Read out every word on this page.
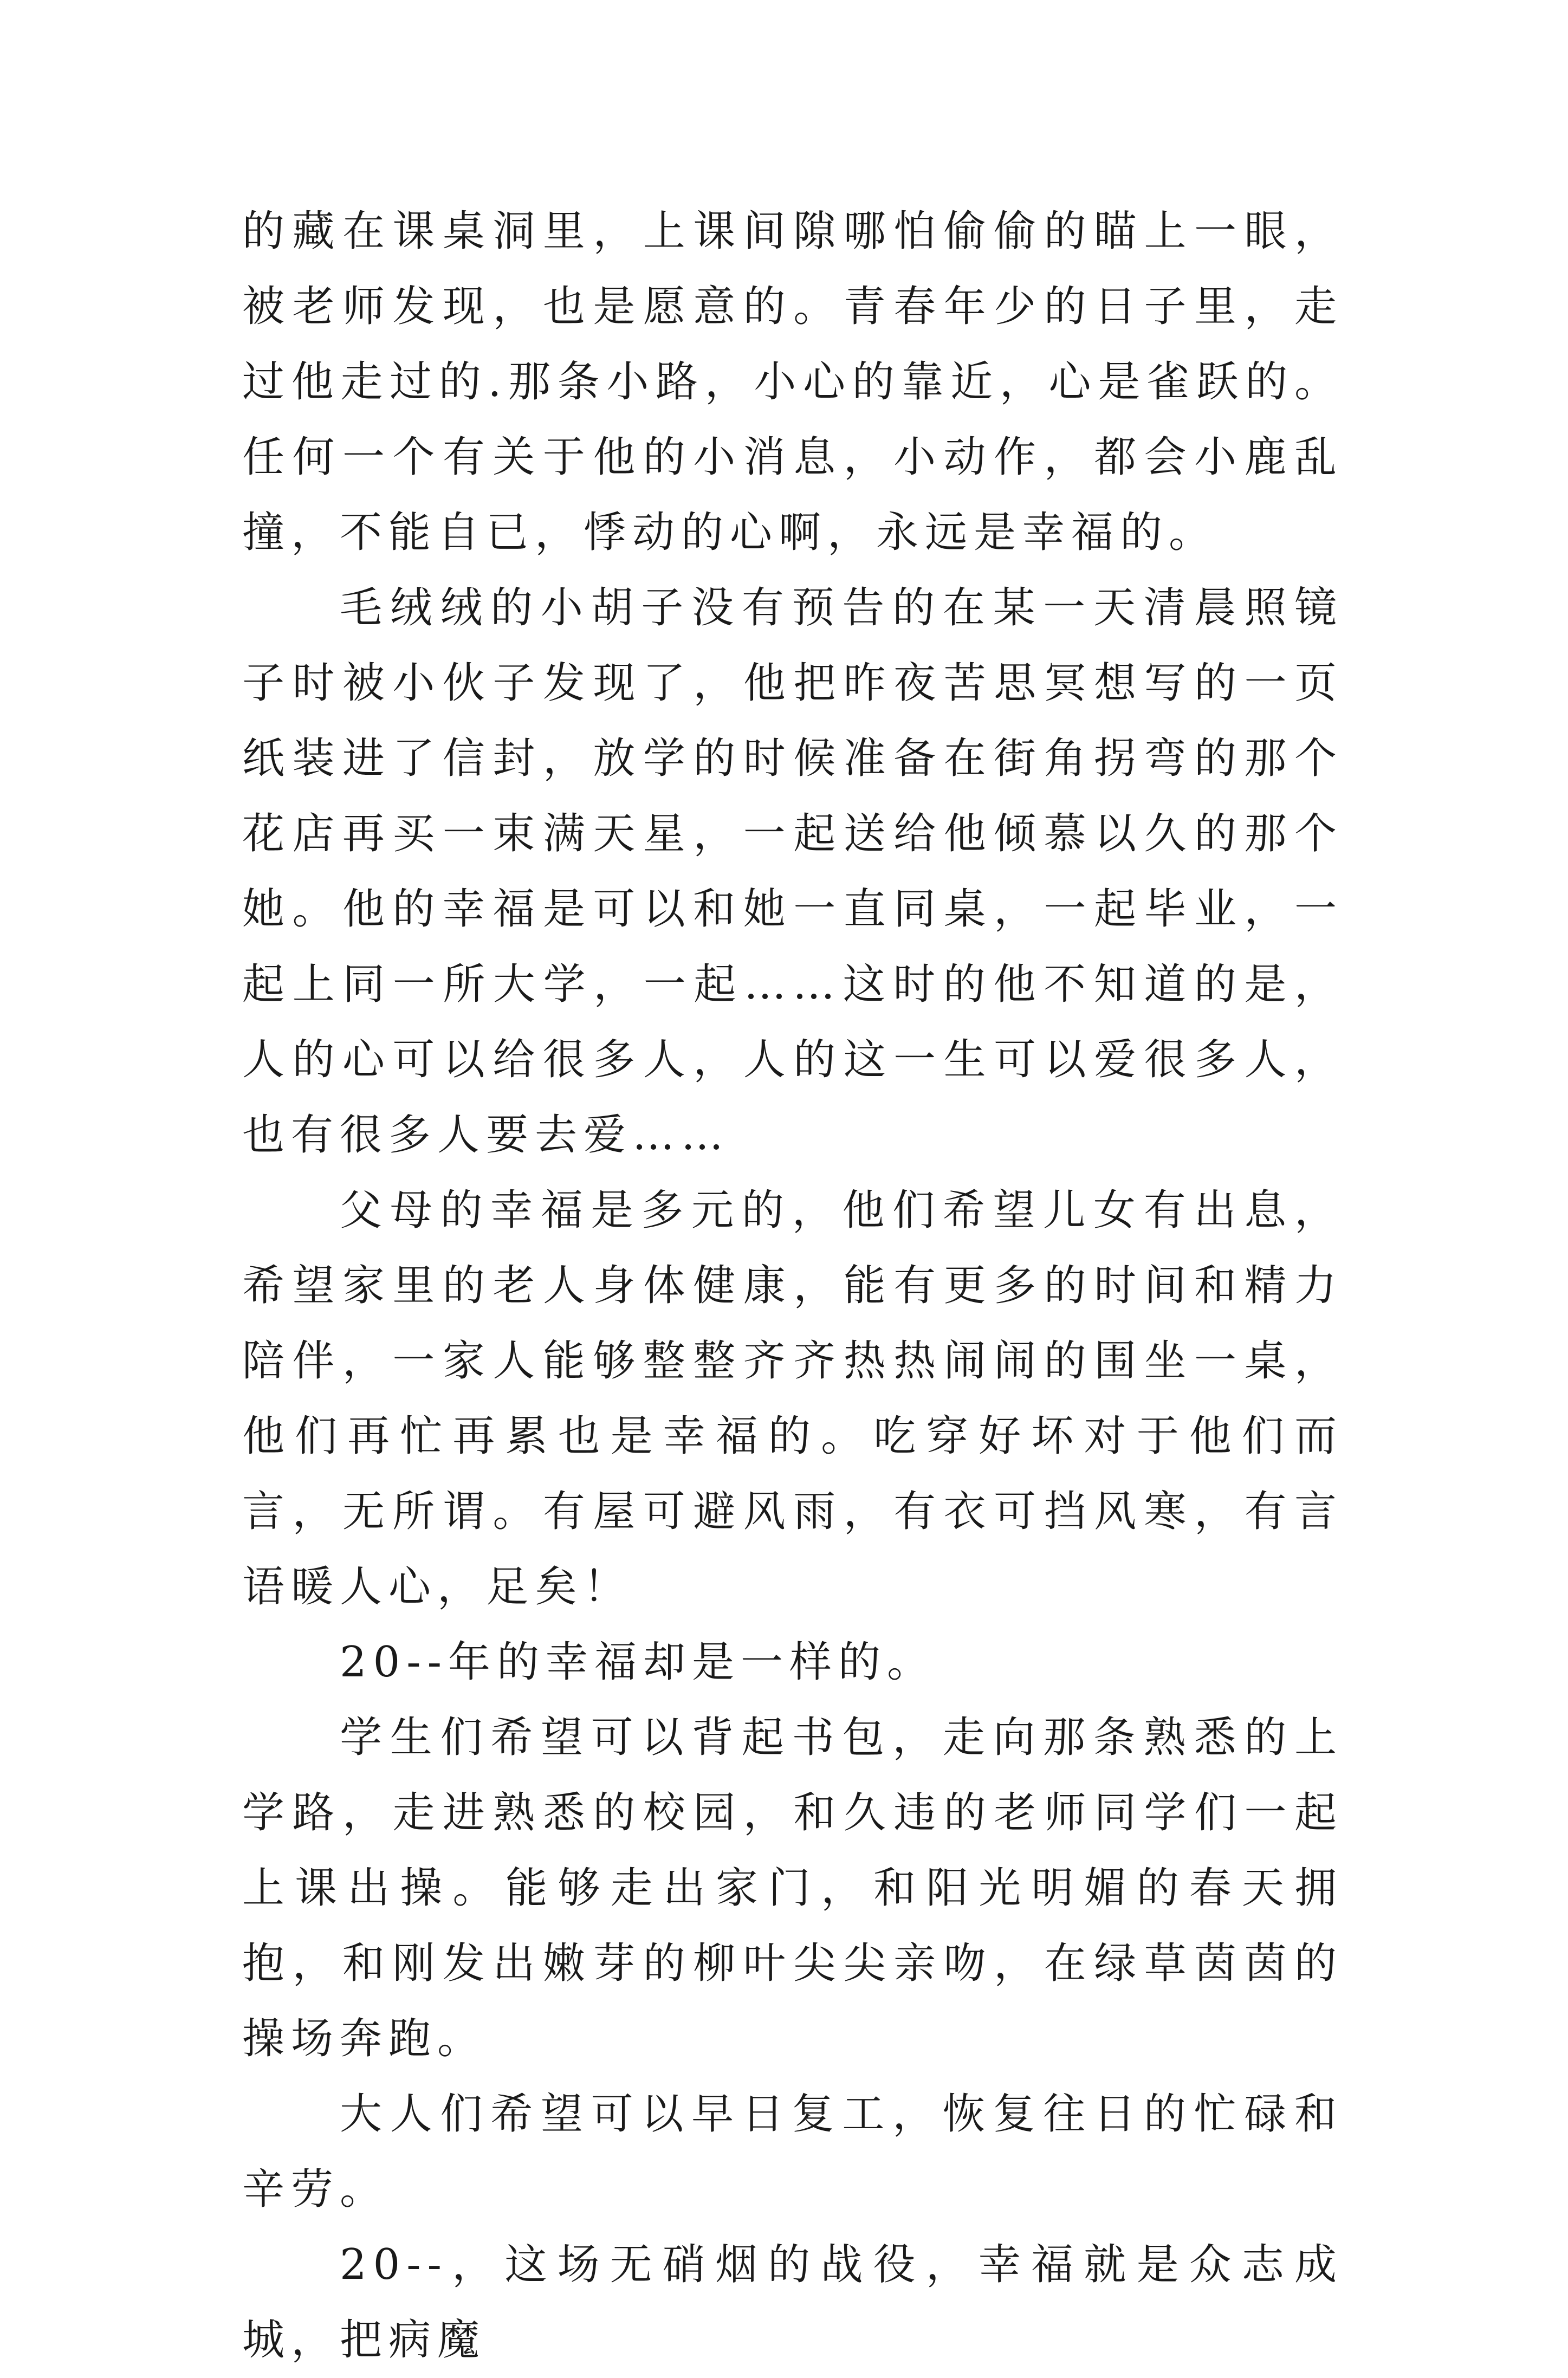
的藏在课桌洞里，上课间隙哪怕偷偷的瞄上一眼，被老师发现，也是愿意的。青春年少的日子里，走过他走过的.那条小路，小心的靠近，心是雀跃的。任何一个有关于他的小消息，小动作，都会小鹿乱撞，不能自已，悸动的心啊，永远是幸福的。

毛绒绒的小胡子没有预告的在某一天清晨照镜子时被小伙子发现了，他把昨夜苦思冥想写的一页纸装进了信封，放学的时候准备在街角拐弯的那个花店再买一束满天星，一起送给他倾慕以久的那个她。他的幸福是可以和她一直同桌，一起毕业，一起上同一所大学，一起……这时的他不知道的是，人的心可以给很多人，人的这一生可以爱很多人，也有很多人要去爱……

父母的幸福是多元的，他们希望儿女有出息，希望家里的老人身体健康，能有更多的时间和精力陪伴，一家人能够整整齐齐热热闹闹的围坐一桌，他们再忙再累也是幸福的。吃穿好坏对于他们而言，无所谓。有屋可避风雨，有衣可挡风寒，有言语暖人心，足矣！

20--年的幸福却是一样的。

学生们希望可以背起书包，走向那条熟悉的上学路，走进熟悉的校园，和久违的老师同学们一起上课出操。能够走出家门，和阳光明媚的春天拥抱，和刚发出嫩芽的柳叶尖尖亲吻，在绿草茵茵的操场奔跑。

大人们希望可以早日复工，恢复往日的忙碌和辛劳。

20--，这场无硝烟的战役，幸福就是众志成城，把病魔
